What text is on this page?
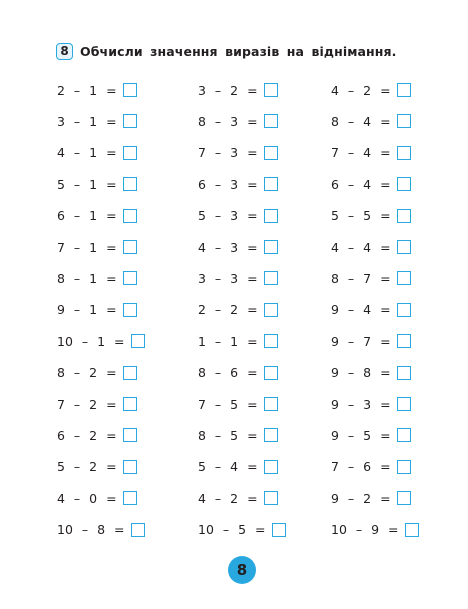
8 Обчисли значення виразів на віднімання.
2 – 1 =
3 – 1 =
4 – 1 =
5 – 1 =
6 – 1 =
7 – 1 =
8 – 1 =
9 – 1 =
10 – 1 =
8 – 2 =
7 – 2 =
6 – 2 =
5 – 2 =
4 – 0 =
10 – 8 =
3 – 2 =
8 – 3 =
7 – 3 =
6 – 3 =
5 – 3 =
4 – 3 =
3 – 3 =
2 – 2 =
1 – 1 =
8 – 6 =
7 – 5 =
8 – 5 =
5 – 4 =
4 – 2 =
10 – 5 =
4 – 2 =
8 – 4 =
7 – 4 =
6 – 4 =
5 – 5 =
4 – 4 =
8 – 7 =
9 – 4 =
9 – 7 =
9 – 8 =
9 – 3 =
9 – 5 =
7 – 6 =
9 – 2 =
10 – 9 =
8
